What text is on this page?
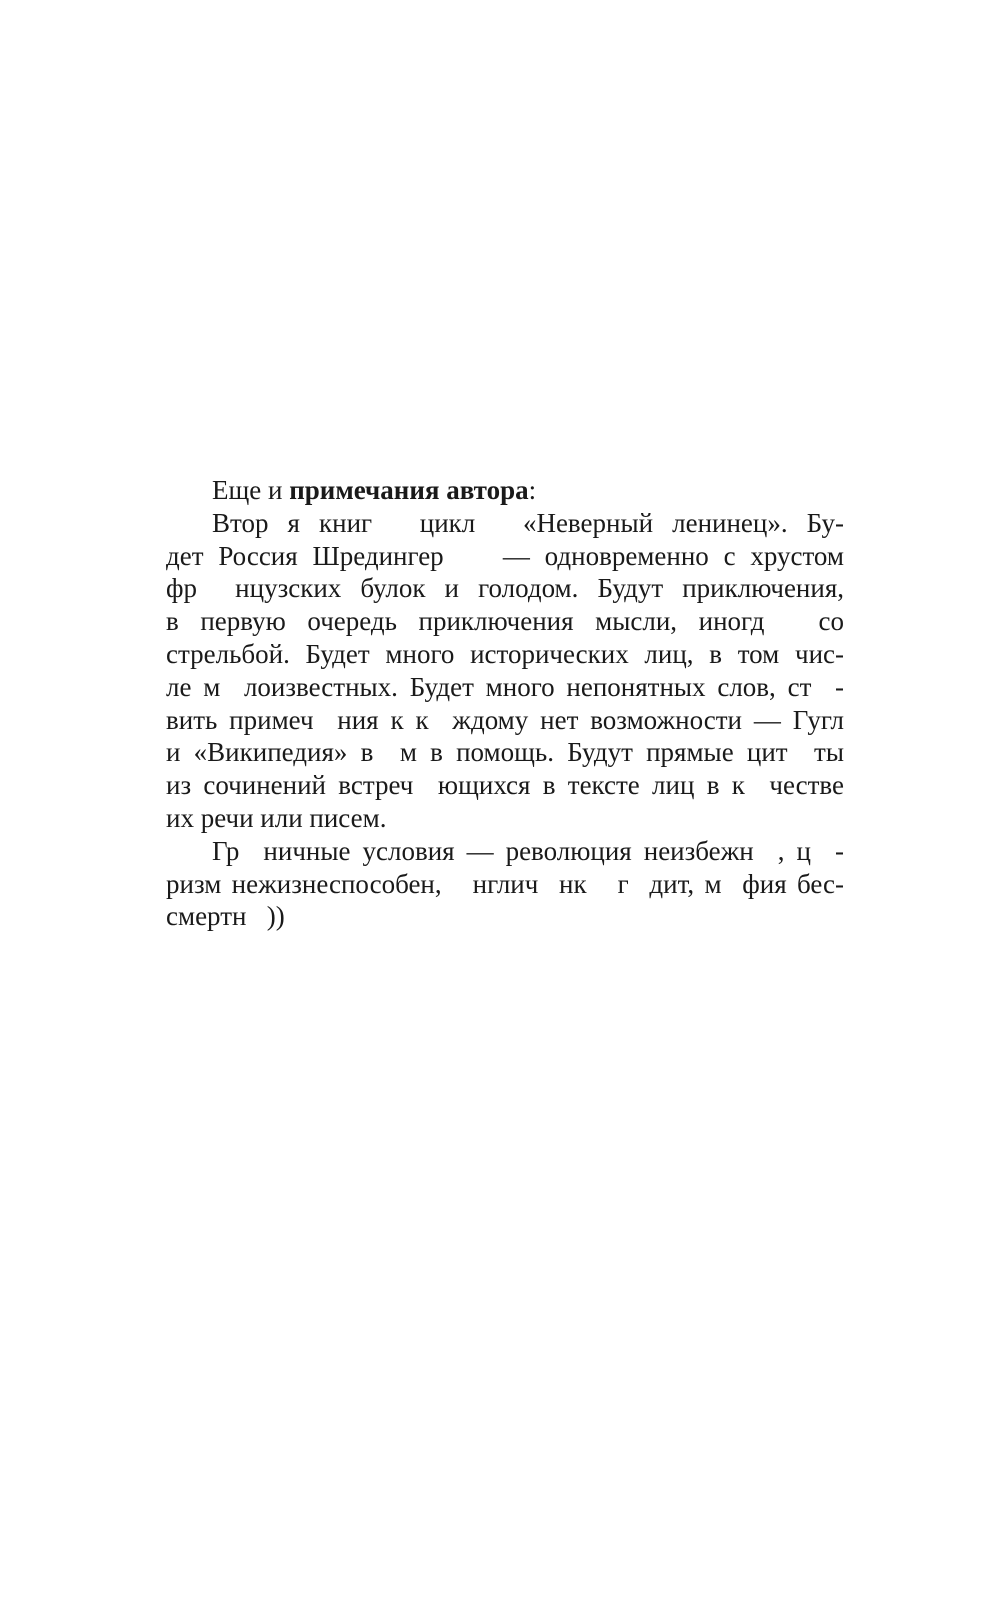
Еще и примечания автора:
Втор  я  книг     цикл     «Неверный  ленинец».  Бу-
дет Россия Шредингер    — одновременно с хрустом
фр  нцузских булок и голодом. Будут приключения,
в  первую  очередь  приключения  мысли,  иногд     со
стрельбой. Будет много исторических лиц, в том чис-
ле м  лоизвестных. Будет много непонятных слов, ст  -
вить примеч  ния к к  ждому нет возможности — Гугл
и «Википедия» в  м в помощь. Будут прямые цит  ты
из сочинений встреч  ющихся в тексте лиц в к  честве
их речи или писем.
Гр  ничные условия — революция неизбежн  , ц  -
ризм нежизнеспособен,   нглич  нк   г  дит, м  фия бес-
смертн   ))
